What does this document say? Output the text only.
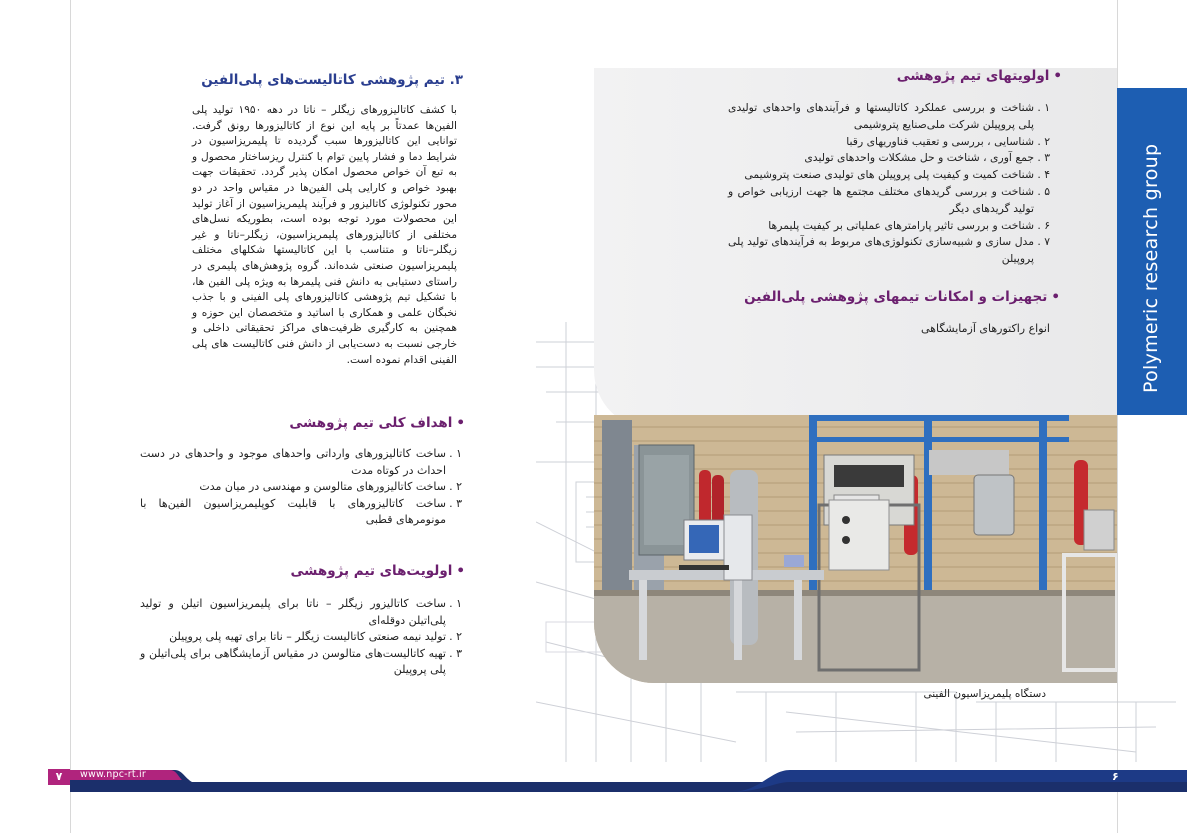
۳. تیم پژوهشی کاتالیست‌های پلی‌الفین
با کشف کاتالیزورهای زیگلر – ناتا در دهه ۱۹۵۰ تولید پلی الفین‌ها عمدتاً بر پایه این نوع از کاتالیزورها رونق گرفت. توانایی این کاتالیزورها سبب گردیده تا پلیمریزاسیون در شرایط دما و فشار پایین توام با کنترل ریزساختار محصول و به تبع آن خواص محصول امکان پذیر گردد. تحقیقات جهت بهبود خواص و کارایی پلی الفین‌ها در مقیاس واحد در دو محور تکنولوژی کاتالیزور و فرآیند پلیمریزاسیون از آغاز تولید این محصولات مورد توجه بوده است، بطوریکه نسل‌های مختلفی از کاتالیزورهای پلیمریزاسیون، زیگلر–ناتا و غیر زیگلر–ناتا و متناسب با این کاتالیستها شکلهای مختلف پلیمریزاسیون صنعتی شده‌اند. گروه پژوهش‌های پلیمری در راستای دستیابی به دانش فنی پلیمرها به ویژه پلی الفین ها، با تشکیل تیم پژوهشی کاتالیزورهای پلی الفینی و با جذب نخبگان علمی و همکاری با اساتید و متخصصان این حوزه و همچنین به کارگیری ظرفیت‌های مراکز تحقیقاتی داخلی و خارجی نسبت به دست‌یابی از دانش فنی کاتالیست های پلی الفینی اقدام نموده است.
•اهداف کلی تیم پژوهشی
۱ .
ساخت کاتالیزورهای وارداتی واحدهای موجود و واحدهای در دست احداث در کوتاه مدت
۲ .
ساخت کاتالیزورهای متالوسن و مهندسی در میان مدت
۳ .
ساخت کاتالیزورهای با قابلیت کوپلیمریزاسیون الفین‌ها با مونومرهای قطبی
•اولویت‌های تیم پژوهشی
۱ .
ساخت کاتالیزور زیگلر – ناتا برای پلیمریزاسیون اتیلن و تولید پلی‌اتیلن دوقله‌ای
۲ .
تولید نیمه صنعتی کاتالیست زیگلر – ناتا برای تهیه پلی پروپیلن
۳ .
تهیه کاتالیست‌های متالوسن در مقیاس آزمایشگاهی برای پلی‌اتیلن و پلی پروپیلن
•اولویتهای تیم پژوهشی
۱ .
شناخت و بررسی عملکرد کاتالیستها و فرآیندهای واحدهای تولیدی پلی پروپیلن شرکت ملی‌صنایع پتروشیمی
۲ .
شناسایی ، بررسی و تعقیب فناوریهای رقبا
۳ .
جمع آوری ، شناخت و حل مشکلات واحدهای تولیدی
۴ .
شناخت کمیت و کیفیت پلی پروپیلن های تولیدی صنعت پتروشیمی
۵ .
شناخت و بررسی گریدهای مختلف مجتمع ها جهت ارزیابی خواص و تولید گریدهای دیگر
۶ .
شناخت و بررسی تاثیر پارامترهای عملیاتی بر کیفیت پلیمرها
۷ .
مدل سازی و شبیه‌سازی تکنولوژی‌های مربوط به فرآیندهای تولید پلی پروپیلن
•تجهیزات و امکانات تیمهای پژوهشی پلی‌الفین
انواع راکتورهای آزمایشگاهی	Polymeric research group
دستگاه پلیمریزاسیون الفینی
۷	www.npc-rt.ir	۶
